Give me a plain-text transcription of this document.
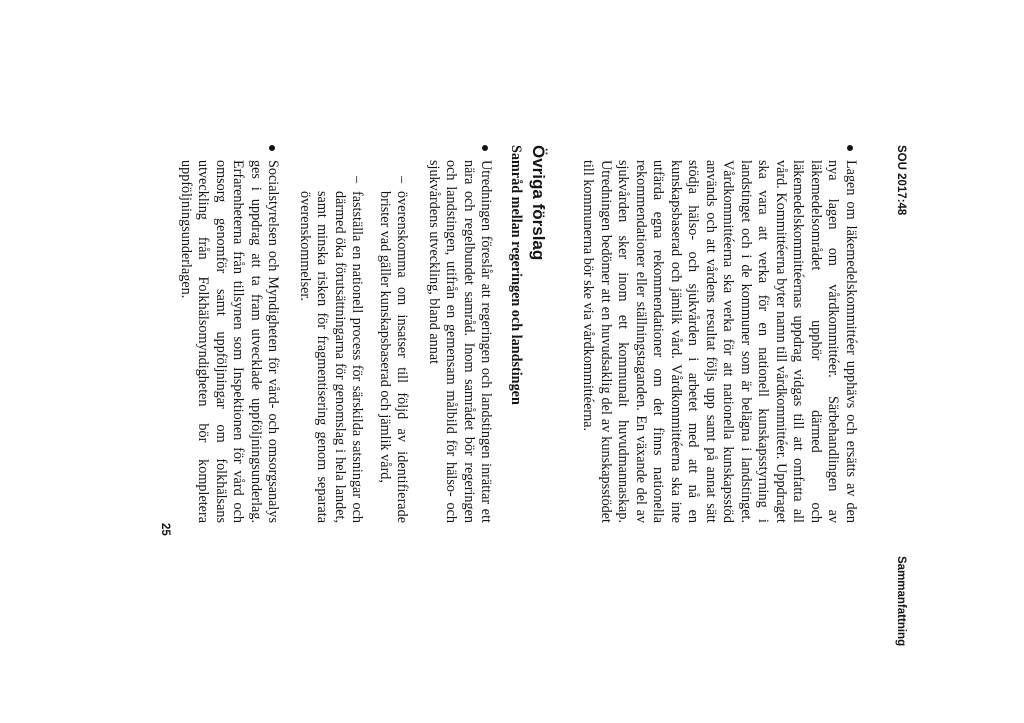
SOU 2017:48
Sammanfattning

Lagen om läkemedelskommittéer upphävs och ersätts av den nya lagen om vårdkommittéer. Särbehandlingen av läkemedelsområdet upphör därmed och läkemedelskommittéernas uppdrag vidgas till att omfatta all vård. Kommittéerna byter namn till vårdkommittéer. Uppdraget ska vara att verka för en nationell kunskapsstyrning i landstinget och i de kommuner som är belägna i landstinget. Vårdkommittéerna ska verka för att nationella kunskapsstöd används och att vårdens resultat följs upp samt på annat sätt stödja hälso- och sjukvården i arbetet med att nå en kunskapsbaserad och jämlik vård. Vårdkommittéerna ska inte utfärda egna rekommendationer om det finns nationella rekommendationer eller ställningstaganden. En växande del av sjukvården sker inom ett kommunalt huvudmannaskap. Utredningen bedömer att en huvudsaklig del av kunskapsstödet till kommunerna bör ske via vårdkommittéerna.

Övriga förslag
Samråd mellan regeringen och landstingen

Utredningen föreslår att regeringen och landstingen inrättar ett nära och regelbundet samråd. Inom samrådet bör regeringen och landstingen, utifrån en gemensam målbild för hälso- och sjukvårdens utveckling, bland annat

– överenskomma om insatser till följd av identifierade brister vad gäller kunskapsbaserad och jämlik vård,

– fastställa en nationell process för särskilda satsningar och därmed öka förutsättningarna för genomslag i hela landet, samt minska risken för fragmentisering genom separata överenskommelser.

Socialstyrelsen och Myndigheten för vård- och omsorgsanalys ges i uppdrag att ta fram utvecklade uppföljningsunderlag. Erfarenheterna från tillsynen som Inspektionen för vård och omsorg genomför samt uppföljningar om folkhälsans utveckling från Folkhälsomyndigheten bör kompletera uppföljningsunderlagen.

25
